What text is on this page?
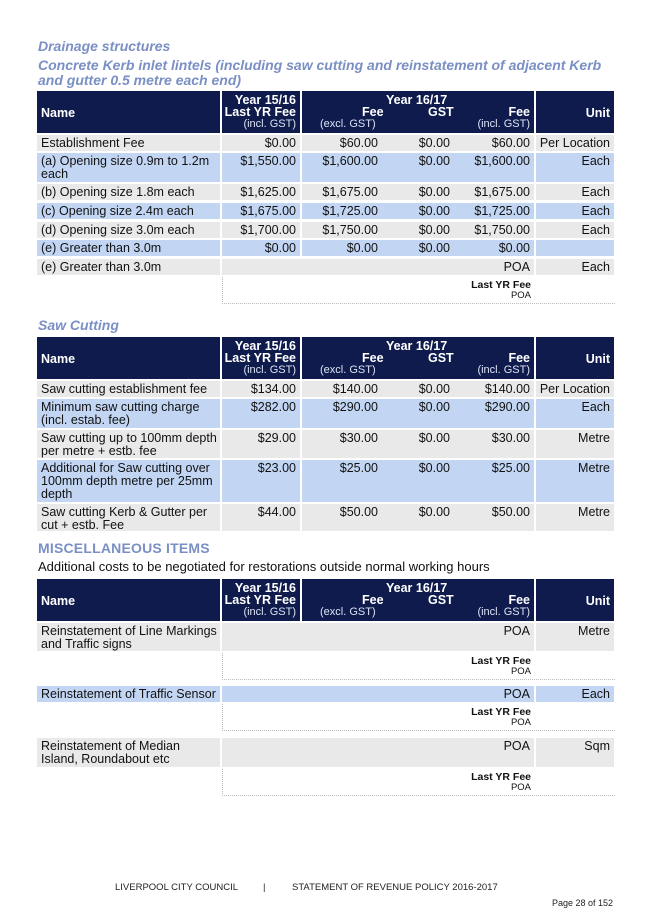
Drainage structures
Concrete Kerb inlet lintels (including saw cutting and reinstatement of adjacent Kerb
and gutter 0.5 metre each end)
Name
Year 15/16
Last YR Fee
(incl. GST)
Year 16/17
Fee
(excl. GST)
GST	Fee
(incl. GST)
Unit
Establishment Fee	$0.00	$60.00	$0.00	$60.00 Per Location
(a) Opening size 0.9m to 1.2m each
$1,550.00	$1,600.00	$0.00	$1,600.00	Each
(b) Opening size 1.8m each	$1,625.00	$1,675.00	$0.00	$1,675.00	Each
(c) Opening size 2.4m each	$1,675.00	$1,725.00	$0.00	$1,725.00	Each
(d) Opening size 3.0m each	$1,700.00	$1,750.00	$0.00	$1,750.00	Each
(e) Greater than 3.0m	$0.00	$0.00	$0.00	$0.00
(e) Greater than 3.0m	POA	Each
Last YR Fee
POA
Saw Cutting
Name
Year 15/16
Last YR Fee
(incl. GST)
Year 16/17
Fee
(excl. GST)
GST	Fee
(incl. GST)
Unit
Saw cutting establishment fee	$134.00	$140.00	$0.00	$140.00 Per Location
Minimum saw cutting charge (incl. estab. fee)
$282.00	$290.00	$0.00	$290.00	Each
Saw cutting up to 100mm depth per metre + estb. fee
$29.00	$30.00	$0.00	$30.00	Metre
Additional for Saw cutting over 100mm depth metre per 25mm depth
$23.00	$25.00	$0.00	$25.00	Metre
Saw cutting Kerb & Gutter per cut + estb. Fee
$44.00	$50.00	$0.00	$50.00	Metre
MISCELLANEOUS ITEMS
Additional costs to be negotiated for restorations outside normal working hours
Name
Year 15/16
Last YR Fee
(incl. GST)
Year 16/17
Fee
(excl. GST)
GST	Fee
(incl. GST)
Unit
Reinstatement of Line Markings and Traffic signs
POA	Metre
Last YR Fee
POA
Reinstatement of Traffic Sensor	POA	Each
Last YR Fee
POA
Reinstatement of Median Island, Roundabout etc
POA	Sqm
Last YR Fee
POA
LIVERPOOL CITY COUNCIL	|	STATEMENT OF REVENUE POLICY 2016-2017
Page 28 of 152
